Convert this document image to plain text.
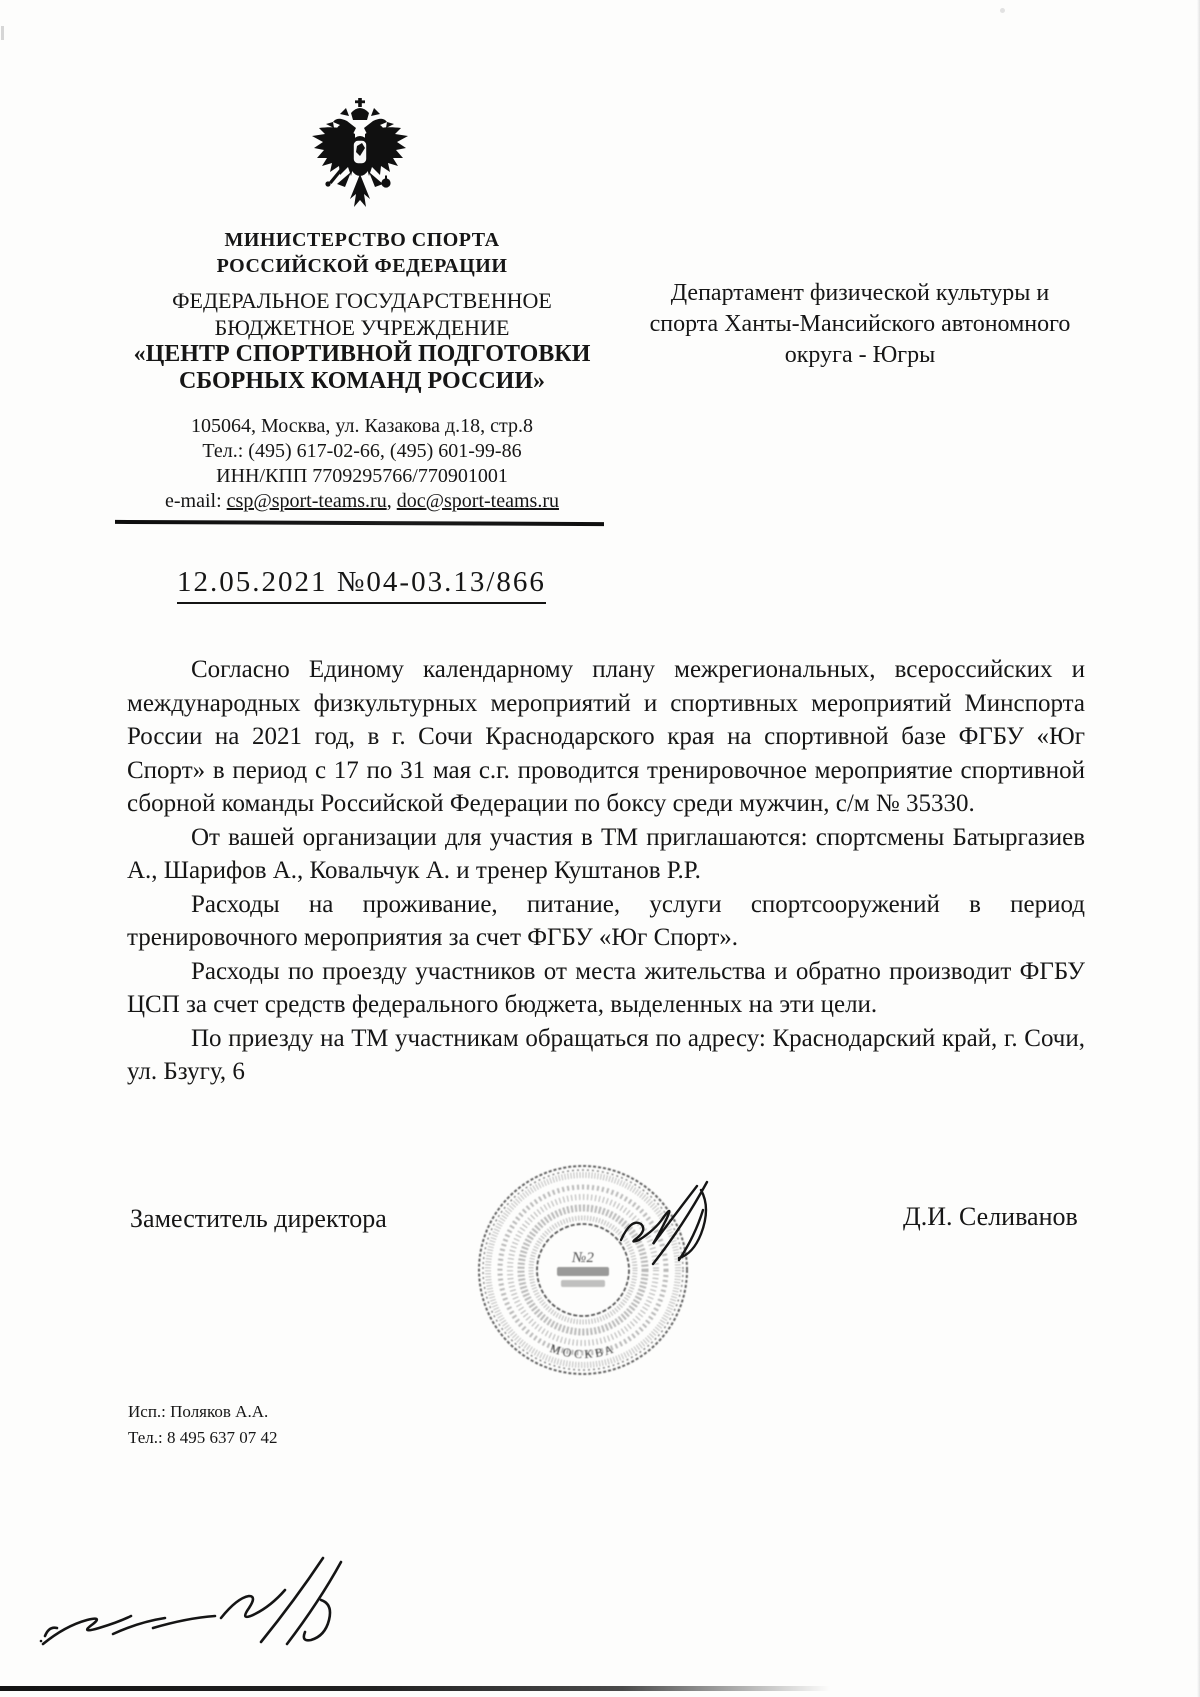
МИНИСТЕРСТВО СПОРТА
РОССИЙСКОЙ ФЕДЕРАЦИИ
ФЕДЕРАЛЬНОЕ ГОСУДАРСТВЕННОЕ
БЮДЖЕТНОЕ УЧРЕЖДЕНИЕ
«ЦЕНТР СПОРТИВНОЙ ПОДГОТОВКИ
СБОРНЫХ КОМАНД РОССИИ»
105064, Москва, ул. Казакова д.18, стр.8
Тел.: (495) 617-02-66, (495) 601-99-86
ИНН/КПП 7709295766/770901001
e-mail: csp@sport-teams.ru, doc@sport-teams.ru
Департамент физической культуры и
спорта Ханты-Мансийского автономного
округа - Югры
12.05.2021 №04-03.13/866

Согласно Единому календарному плану межрегиональных, всероссийских и международных физкультурных мероприятий и спортивных мероприятий Минспорта России на 2021 год, в г. Сочи Краснодарского края на спортивной базе ФГБУ «Юг Спорт» в период с 17 по 31 мая с.г. проводится тренировочное мероприятие спортивной сборной команды Российской Федерации по боксу среди мужчин, с/м № 35330.

От вашей организации для участия в ТМ приглашаются: спортсмены Батыргазиев А., Шарифов А., Ковальчук А. и тренер Куштанов Р.Р.

Расходы на проживание, питание, услуги спортсооружений в период тренировочного мероприятия за счет ФГБУ «Юг Спорт».

Расходы по проезду участников от места жительства и обратно производит ФГБУ ЦСП за счет средств федерального бюджета, выделенных на эти цели.

По приезду на ТМ участникам обращаться по адресу: Краснодарский край, г. Сочи, ул. Бзугу, 6

Заместитель директора	Д.И. Селиванов
МОСКВА
№2
Исп.: Поляков А.А.
Тел.: 8 495 637 07 42
